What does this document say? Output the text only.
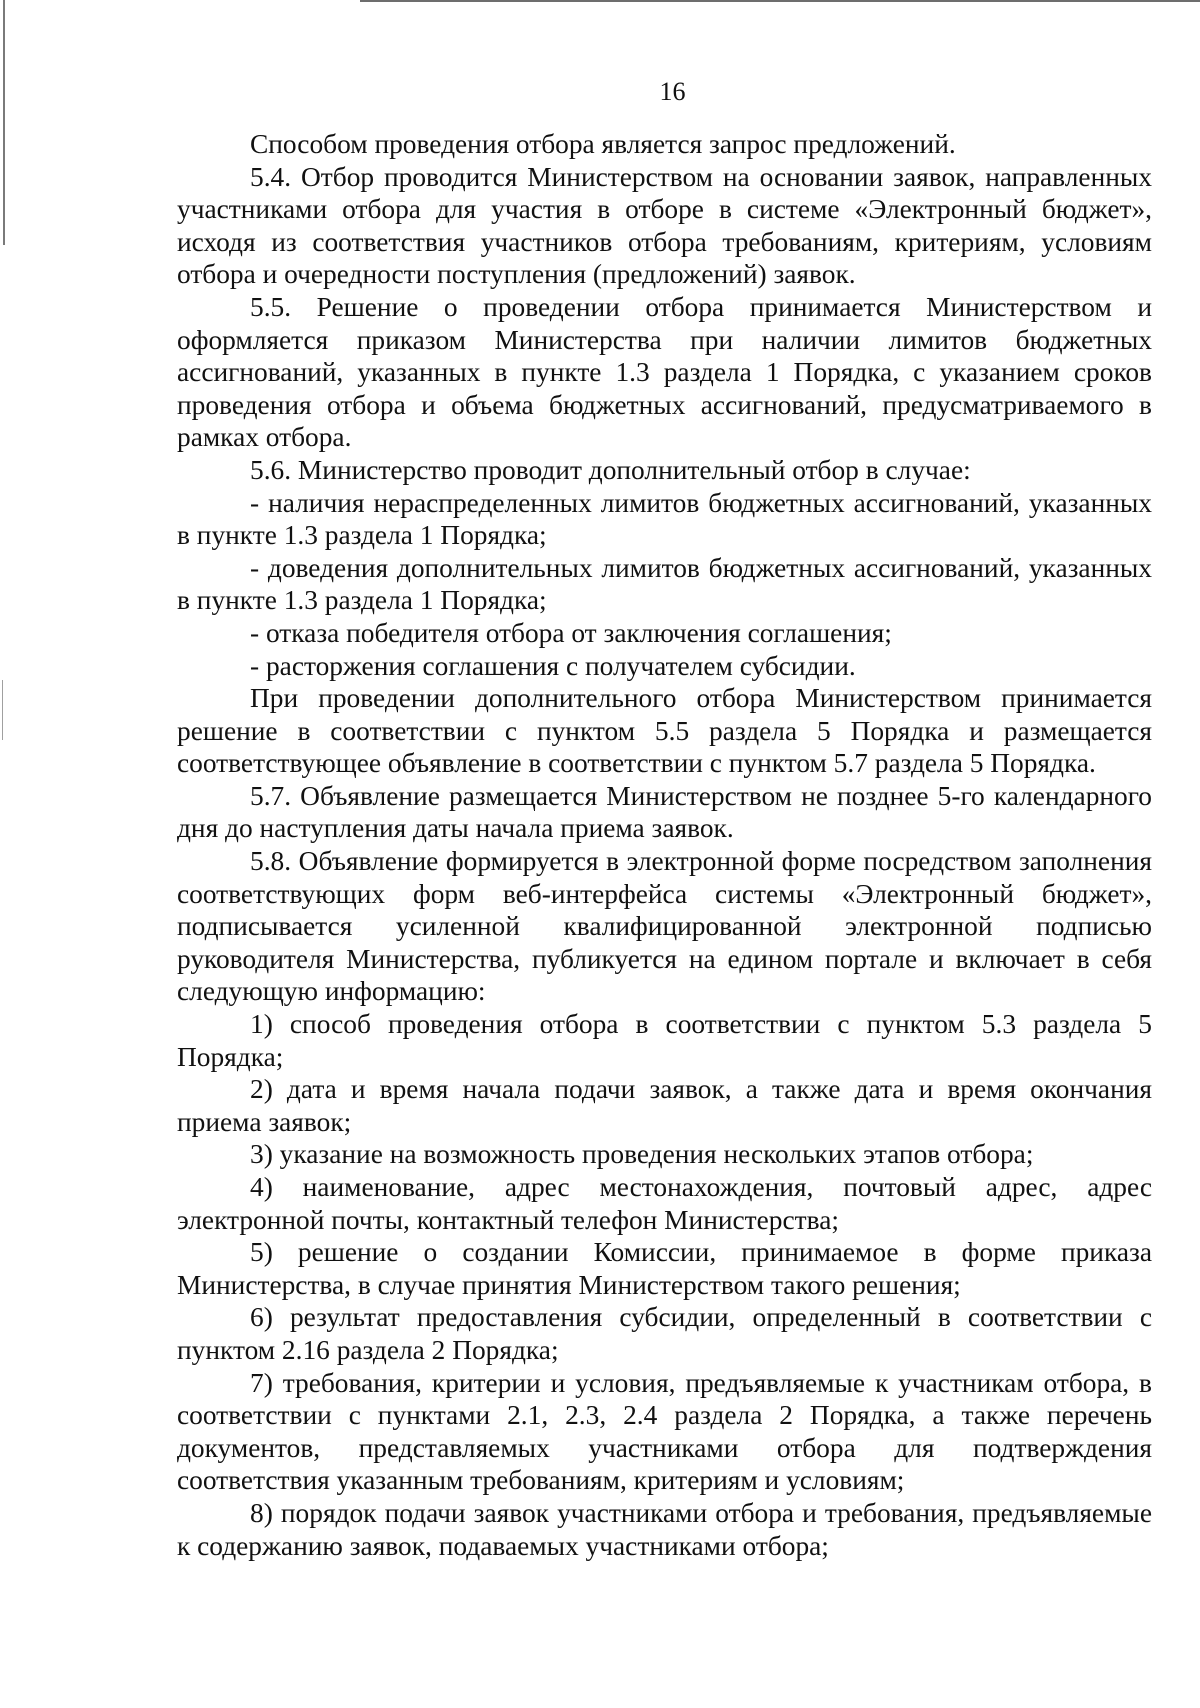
16

Способом проведения отбора является запрос предложений.

5.4. Отбор проводится Министерством на основании заявок, направленных участниками отбора для участия в отборе в системе «Электронный бюджет», исходя из соответствия участников отбора требованиям, критериям, условиям отбора и очередности поступления (предложений) заявок.

5.5. Решение о проведении отбора принимается Министерством и оформляется приказом Министерства при наличии лимитов бюджетных ассигнований, указанных в пункте 1.3 раздела 1 Порядка, с указанием сроков проведения отбора и объема бюджетных ассигнований, предусматриваемого в рамках отбора.

5.6. Министерство проводит дополнительный отбор в случае:

- наличия нераспределенных лимитов бюджетных ассигнований, указанных в пункте 1.3 раздела 1 Порядка;

- доведения дополнительных лимитов бюджетных ассигнований, указанных в пункте 1.3 раздела 1 Порядка;

- отказа победителя отбора от заключения соглашения;

- расторжения соглашения с получателем субсидии.

При проведении дополнительного отбора Министерством принимается решение в соответствии с пунктом 5.5 раздела 5 Порядка и размещается соответствующее объявление в соответствии с пунктом 5.7 раздела 5 Порядка.

5.7. Объявление размещается Министерством не позднее 5-го календарного дня до наступления даты начала приема заявок.

5.8. Объявление формируется в электронной форме посредством заполнения соответствующих форм веб-интерфейса системы «Электронный бюджет», подписывается усиленной квалифицированной электронной подписью руководителя Министерства, публикуется на едином портале и включает в себя следующую информацию:

1) способ проведения отбора в соответствии с пунктом 5.3 раздела 5 Порядка;

2) дата и время начала подачи заявок, а также дата и время окончания приема заявок;

3) указание на возможность проведения нескольких этапов отбора;

4) наименование, адрес местонахождения, почтовый адрес, адрес электронной почты, контактный телефон Министерства;

5) решение о создании Комиссии, принимаемое в форме приказа Министерства, в случае принятия Министерством такого решения;

6) результат предоставления субсидии, определенный в соответствии с пунктом 2.16 раздела 2 Порядка;

7) требования, критерии и условия, предъявляемые к участникам отбора, в соответствии с пунктами 2.1, 2.3, 2.4 раздела 2 Порядка, а также перечень документов, представляемых участниками отбора для подтверждения соответствия указанным требованиям, критериям и условиям;

8) порядок подачи заявок участниками отбора и требования, предъявляемые к содержанию заявок, подаваемых участниками отбора;
